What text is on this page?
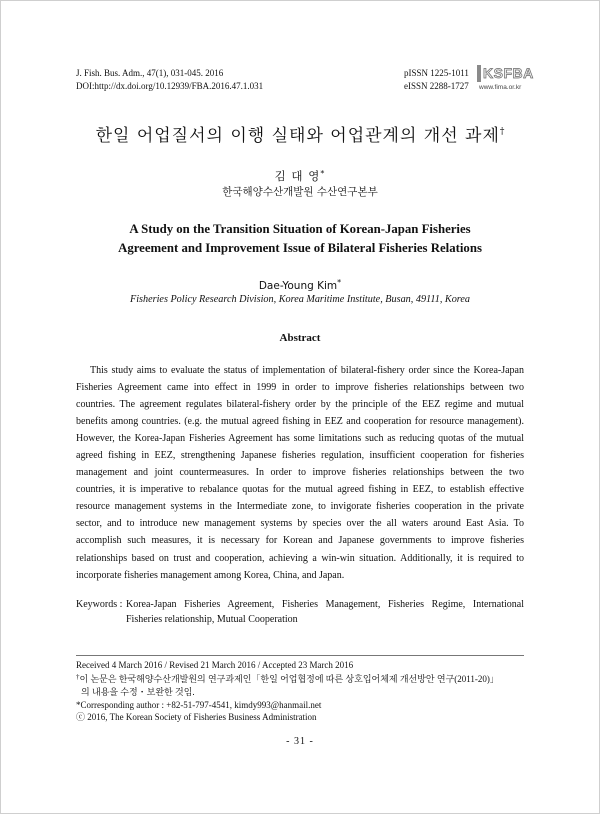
J. Fish. Bus. Adm., 47(1), 031-045. 2016
DOI:http://dx.doi.org/10.12939/FBA.2016.47.1.031
pISSN 1225-1011
eISSN 2288-1727
KSFBA
www.fima.or.kr
한일 어업질서의 이행 실태와 어업관계의 개선 과제†
김 대 영*
한국해양수산개발원 수산연구본부
A Study on the Transition Situation of Korean-Japan Fisheries
Agreement and Improvement Issue of Bilateral Fisheries Relations
Dae-Young Kim*
Fisheries Policy Research Division, Korea Maritime Institute, Busan, 49111, Korea
Abstract
This study aims to evaluate the status of implementation of bilateral-fishery order since the Korea-Japan
Fisheries Agreement came into effect in 1999 in order to improve fisheries relationships between two
countries. The agreement regulates bilateral-fishery order by the principle of the EEZ regime and mutual
benefits among countries. (e.g. the mutual agreed fishing in EEZ and cooperation for resource management).
However, the Korea-Japan Fisheries Agreement has some limitations such as reducing quotas of the mutual
agreed fishing in EEZ, strengthening Japanese fisheries regulation, insufficient cooperation for fisheries
management and joint countermeasures. In order to improve fisheries relationships between the two
countries, it is imperative to rebalance quotas for the mutual agreed fishing in EEZ, to establish effective
resource management systems in the Intermediate zone, to invigorate fisheries cooperation in the private
sector, and to introduce new management systems by species over the all waters around East Asia. To
accomplish such measures, it is necessary for Korean and Japanese governments to improve fisheries
relationships based on trust and cooperation, achieving a win-win situation. Additionally, it is required to
incorporate fisheries management among Korea, China, and Japan.
Keywords : Korea-Japan Fisheries Agreement, Fisheries Management, Fisheries Regime, International
Fisheries relationship, Mutual Cooperation
Received 4 March 2016 / Revised 21 March 2016 / Accepted 23 March 2016
†이 논문은 한국해양수산개발원의 연구과제인「한일 어업협정에 따른 상호입어체제 개선방안 연구(2011-20)」
의 내용을 수정・보완한 것임.
*Corresponding author : +82-51-797-4541, kimdy993@hanmail.net
ⓒ 2016, The Korean Society of Fisheries Business Administration
- 31 -
